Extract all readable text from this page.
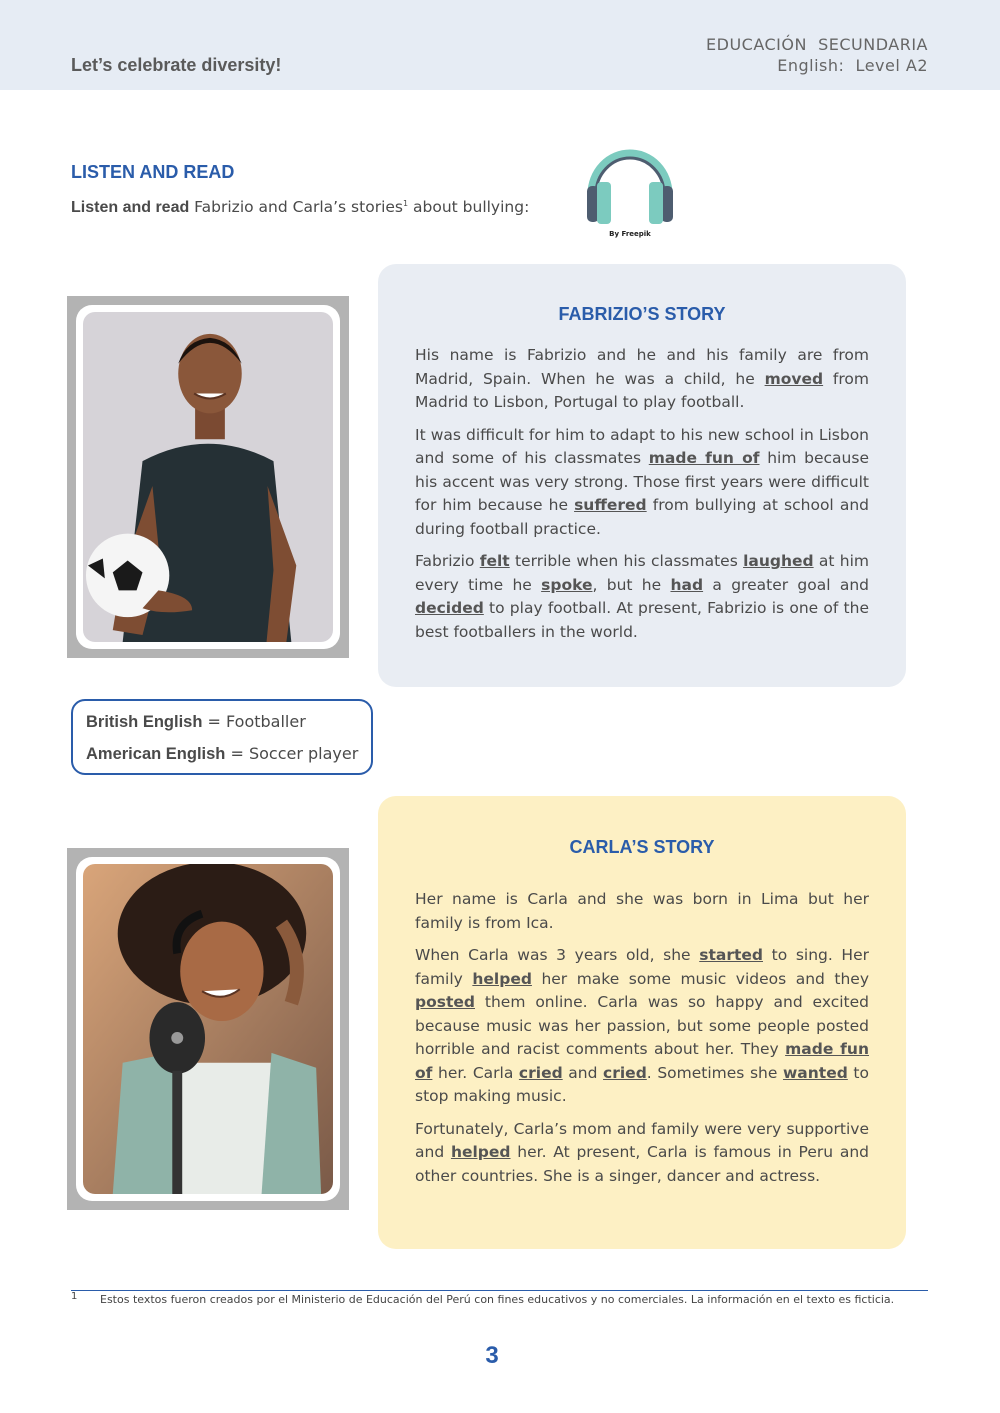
Let’s celebrate diversity!
EDUCACIÓN  SECUNDARIA
English:  Level A2
LISTEN AND READ
Listen and read Fabrizio and Carla’s stories$^1$ about bullying:
By Freepik
FABRIZIO’S STORY

His name is Fabrizio and he and his family are from Madrid, Spain. When he was a child, he moved from Madrid to Lisbon, Portugal to play football.

It was difficult for him to adapt to his new school in Lisbon and some of his classmates made fun of him because his accent was very strong. Those first years were difficult for him because he suffered from bullying at school and during football practice.

Fabrizio felt terrible when his classmates laughed at him every time he spoke, but he had a greater goal and decided to play football. At present, Fabrizio is one of the best footballers in the world.

British English = Footballer
American English = Soccer player
CARLA’S STORY

Her name is Carla and she was born in Lima but her family is from Ica.

When Carla was 3 years old, she started to sing. Her family helped her make some music videos and they posted them online. Carla was so happy and excited because music was her passion, but some people posted horrible and racist comments about her. They made fun of her. Carla cried and cried. Sometimes she wanted to stop making music.

Fortunately, Carla’s mom and family were very supportive and helped her. At present, Carla is famous in Peru and other countries. She is a singer, dancer and actress.

1 Estos textos fueron creados por el Ministerio de Educación del Perú con fines educativos y no comerciales. La información en el texto es ficticia.
3
